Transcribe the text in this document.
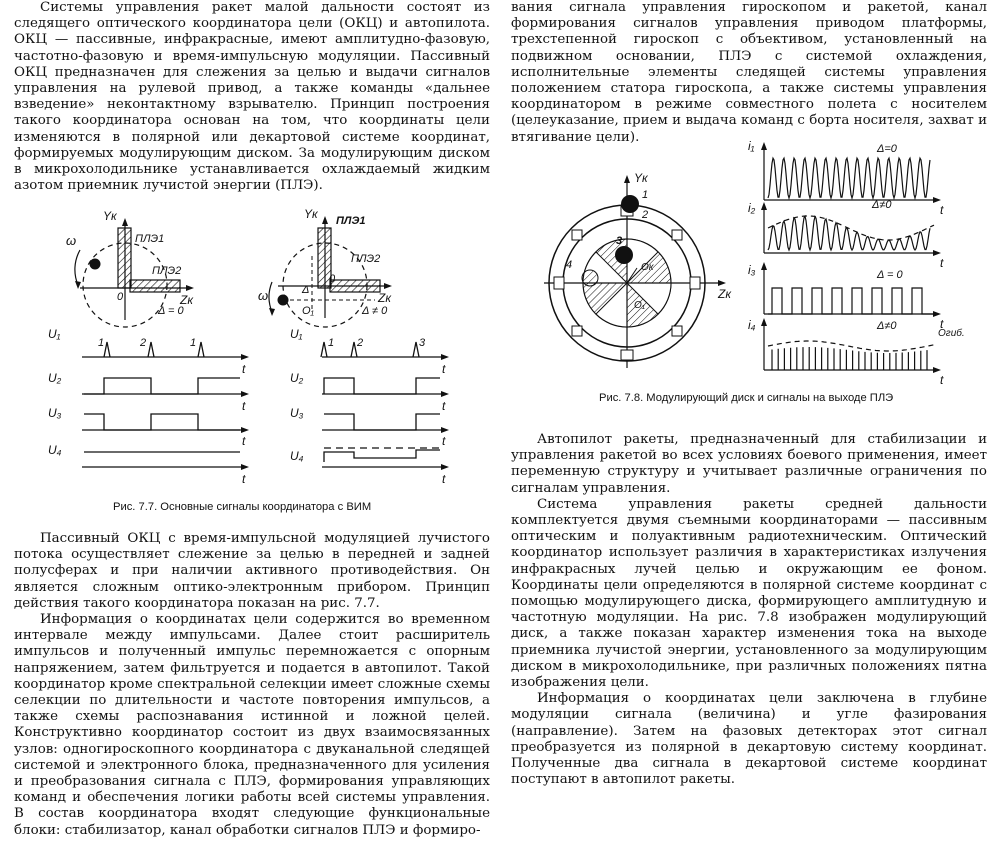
Системы управления ракет малой дальности состоят из следящего оптического координатора цели (ОКЦ) и автопилота. ОКЦ — пассивные, инфракрасные, имеют амплитудно-фазовую, частотно-фазовую и время-импульсную модуляции. Пассивный ОКЦ предназначен для слежения за целью и выдачи сигналов управления на рулевой привод, а также команды «дальнее взведение» неконтактному взрывателю. Принцип построения такого координатора основан на том, что координаты цели изменяются в полярной или декартовой системе координат, формируемых модулирующим диском. За модулирующим диском в микрохолодильнике устанавливается охлаждаемый жидким азотом приемник лучистой энергии (ПЛЭ).

Пассивный ОКЦ с время-импульсной модуляцией лучистого потока осуществляет слежение за целью в передней и задней полусферах и при наличии активного противодействия. Он является сложным оптико-электронным прибором. Принцип действия такого координатора показан на рис. 7.7.

Информация о координатах цели содержится во временном интервале между импульсами. Далее стоит расширитель импульсов и полученный импульс перемножается с опорным напряжением, затем фильтруется и подается в автопилот. Такой координатор кроме спектральной селекции имеет сложные схемы селекции по длительности и частоте повторения импульсов, а также схемы распознавания истинной и ложной целей. Конструктивно координатор состоит из двух взаимосвязанных узлов: одногироскопного координатора с двуканальной следящей системой и электронного блока, предназначенного для усиления и преобразования сигнала с ПЛЭ, формирования управляющих команд и обеспечения логики работы всей системы управления. В состав координатора входят следующие функциональные блоки: стабилизатор, канал обработки сигналов ПЛЭ и формиро-

вания сигнала управления гироскопом и ракетой, канал формирования сигналов управления приводом платформы, трехстепенной гироскоп с объективом, установленный на подвижном основании, ПЛЭ с системой охлаждения, исполнительные элементы следящей системы управления положением статора гироскопа, а также системы управления координатором в режиме совместного полета с носителем (целеуказание, прием и выдача команд с борта носителя, захват и втягивание цели).

Автопилот ракеты, предназначенный для стабилизации и управления ракетой во всех условиях боевого применения, имеет переменную структуру и учитывает различные ограничения по сигналам управления.

Система управления ракеты средней дальности комплектуется двумя съемными координаторами — пассивным оптическим и полуактивным радиотехническим. Оптический координатор использует различия в характеристиках излучения инфракрасных лучей целью и окружающим ее фоном. Координаты цели определяются в полярной системе координат с помощью модулирующего диска, формирующего амплитудную и частотную модуляции. На рис. 7.8 изображен модулирующий диск, а также показан характер изменения тока на выходе приемника лучистой энергии, установленного за модулирующим диском в микрохолодильнике, при различных положениях пятна изображения цели.

Информация о координатах цели заключена в глубине модуляции сигнала (величина) и угле фазирования (направление). Затем на фазовых детекторах этот сигнал преобразуется из полярной в декартовую систему координат. Полученные два сигнала в декартовой системе координат поступают в автопилот ракеты.

Yк
Zк
ПЛЭ1
ПЛЭ2
ω
0
Δ = 0
Yк
Zк
ПЛЭ1
ПЛЭ2
ω
0
O₁
Δ
Δ ≠ 0
U₁
U₂
U₃
U₄
1	2	1
t
t
t
t
U₁
U₂
U₃
U₄
1 2	3
t
t
t
t
Рис. 7.7. Основные сигналы координатора с ВИМ
Yк
Zк
1
2
3
4	Oк
O₁
i₁
i₂
i₃
i₄
Δ=0
Δ≠0
Δ = 0
Δ≠0
Огиб.
t
t
t
t
Рис. 7.8. Модулирующий диск и сигналы на выходе ПЛЭ
